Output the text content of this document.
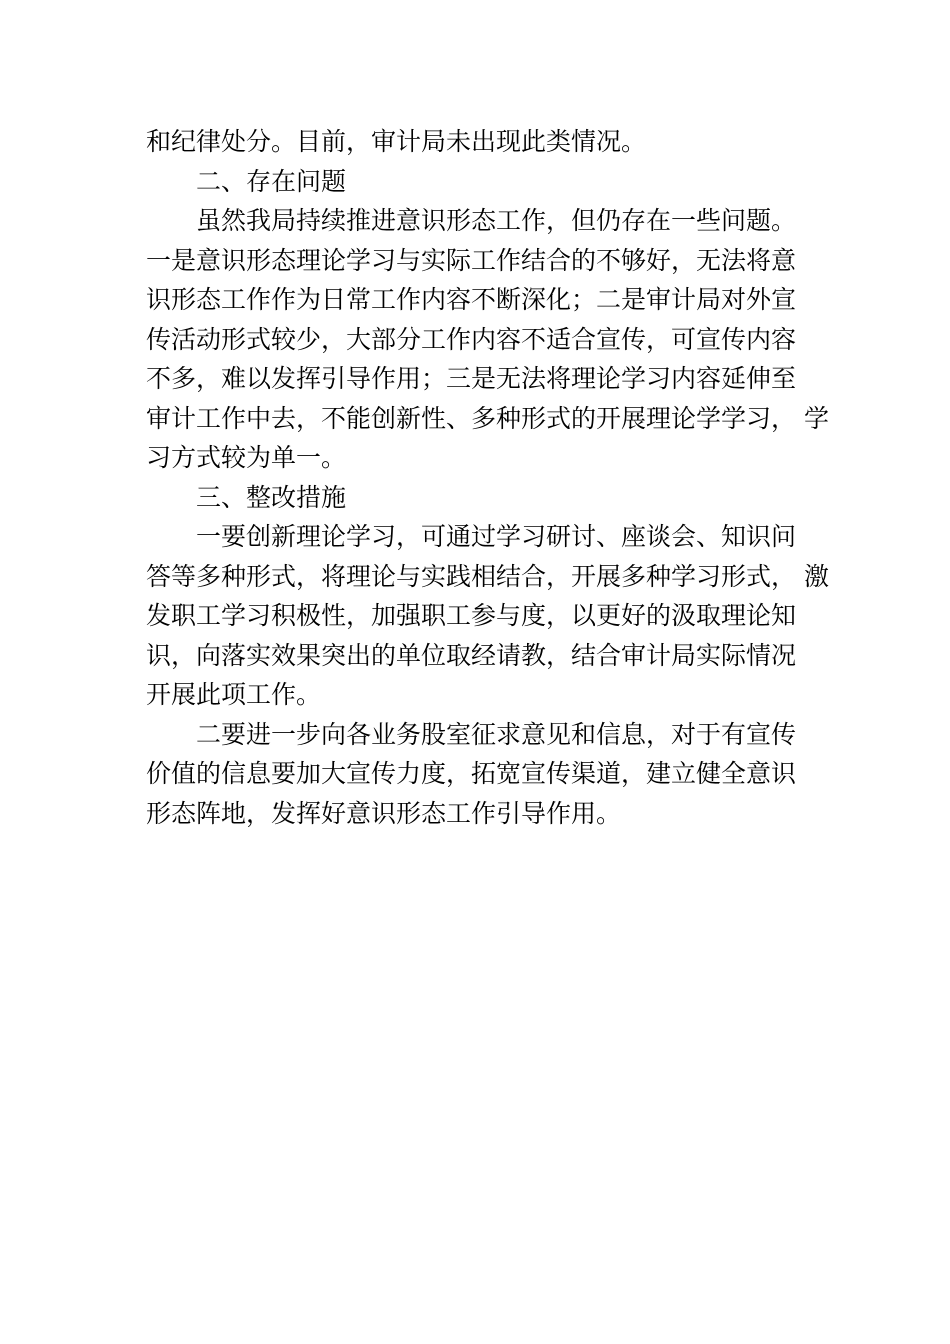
和纪律处分。目前，审计局未出现此类情况。
二、存在问题
虽然我局持续推进意识形态工作，但仍存在一些问题。
一是意识形态理论学习与实际工作结合的不够好，无法将意
识形态工作作为日常工作内容不断深化；二是审计局对外宣
传活动形式较少，大部分工作内容不适合宣传，可宣传内容
不多，难以发挥引导作用；三是无法将理论学习内容延伸至
审计工作中去，不能创新性、多种形式的开展理论学学习， 学
习方式较为单一。
三、整改措施
一要创新理论学习，可通过学习研讨、座谈会、知识问
答等多种形式，将理论与实践相结合，开展多种学习形式， 激
发职工学习积极性，加强职工参与度，以更好的汲取理论知
识，向落实效果突出的单位取经请教，结合审计局实际情况
开展此项工作。
二要进一步向各业务股室征求意见和信息，对于有宣传
价值的信息要加大宣传力度，拓宽宣传渠道，建立健全意识
形态阵地，发挥好意识形态工作引导作用。
